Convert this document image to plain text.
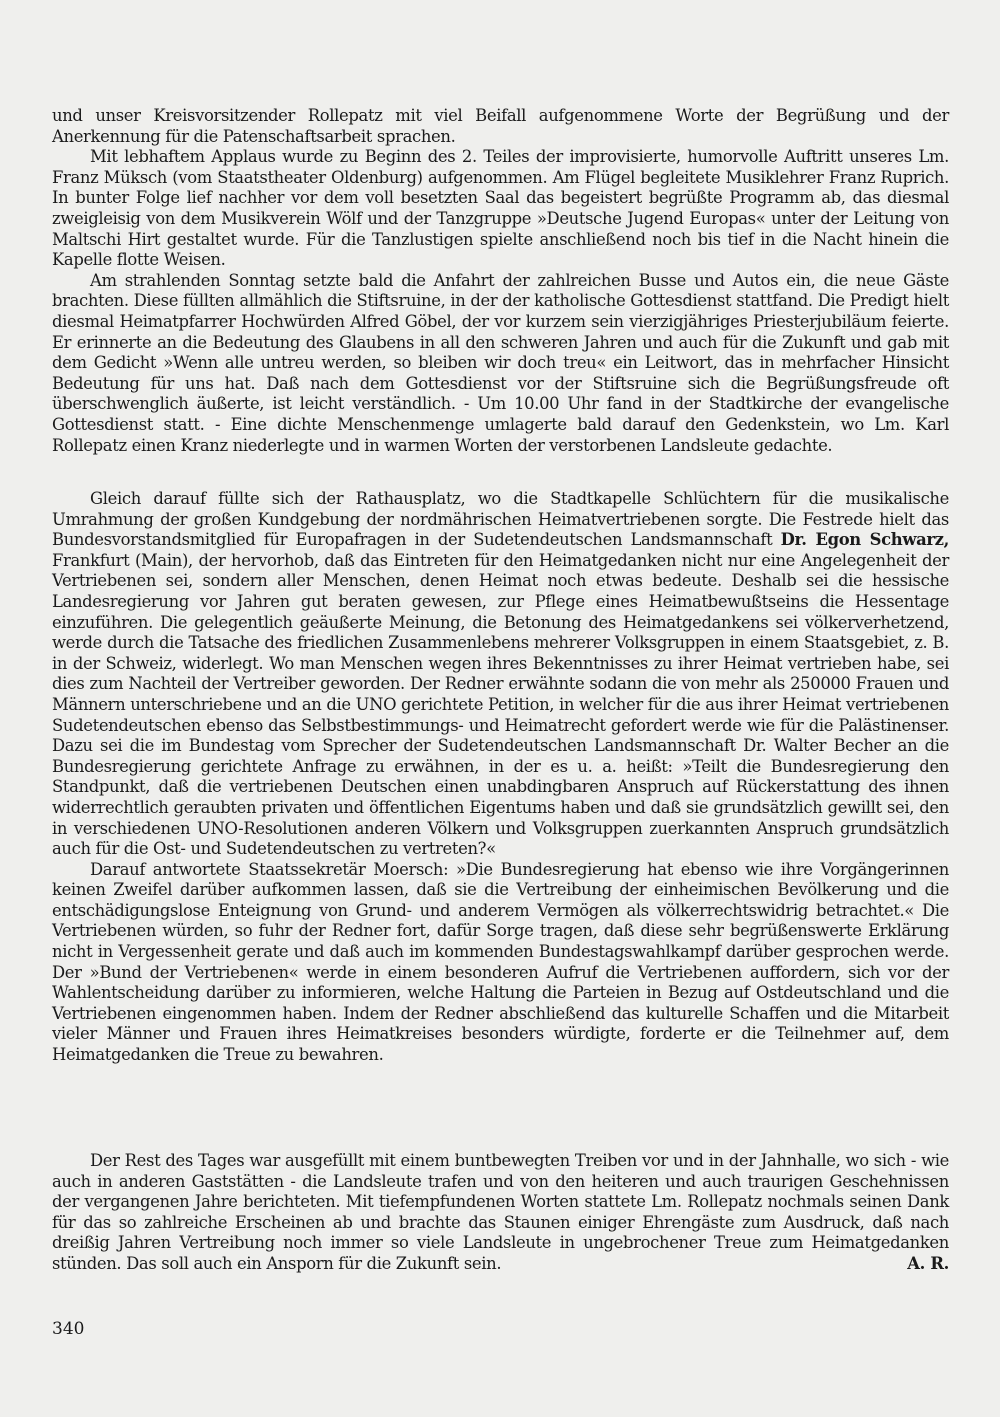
und unser Kreisvorsitzender Rollepatz mit viel Beifall aufgenommene Worte der Begrüßung und der Anerkennung für die Patenschaftsarbeit sprachen.

Mit lebhaftem Applaus wurde zu Beginn des 2. Teiles der improvisierte, humorvolle Auftritt unseres Lm. Franz Müksch (vom Staatstheater Oldenburg) aufgenommen. Am Flügel begleitete Musiklehrer Franz Ruprich. In bunter Folge lief nachher vor dem voll besetzten Saal das begeistert begrüßte Programm ab, das diesmal zweigleisig von dem Musikverein Wölf und der Tanzgruppe »Deutsche Jugend Europas« unter der Leitung von Maltschi Hirt gestaltet wurde. Für die Tanzlustigen spielte anschließend noch bis tief in die Nacht hinein die Kapelle flotte Weisen.

Am strahlenden Sonntag setzte bald die Anfahrt der zahlreichen Busse und Autos ein, die neue Gäste brachten. Diese füllten allmählich die Stiftsruine, in der der katholische Gottesdienst stattfand. Die Predigt hielt diesmal Heimatpfarrer Hochwürden Alfred Göbel, der vor kurzem sein vierzigjähriges Priesterjubiläum feierte. Er erinnerte an die Bedeutung des Glaubens in all den schweren Jahren und auch für die Zukunft und gab mit dem Gedicht »Wenn alle untreu werden, so bleiben wir doch treu« ein Leitwort, das in mehrfacher Hinsicht Bedeutung für uns hat. Daß nach dem Gottesdienst vor der Stiftsruine sich die Begrüßungsfreude oft überschwenglich äußerte, ist leicht verständlich. - Um 10.00 Uhr fand in der Stadtkirche der evangelische Gottesdienst statt. - Eine dichte Menschenmenge umlagerte bald darauf den Gedenkstein, wo Lm. Karl Rollepatz einen Kranz niederlegte und in warmen Worten der verstorbenen Landsleute gedachte.

Gleich darauf füllte sich der Rathausplatz, wo die Stadtkapelle Schlüchtern für die musikalische Umrahmung der großen Kundgebung der nordmährischen Heimatvertriebenen sorgte. Die Festrede hielt das Bundesvorstandsmitglied für Europafragen in der Sudetendeutschen Landsmannschaft Dr. Egon Schwarz, Frankfurt (Main), der hervorhob, daß das Eintreten für den Heimatgedanken nicht nur eine Angelegenheit der Vertriebenen sei, sondern aller Menschen, denen Heimat noch etwas bedeute. Deshalb sei die hessische Landesregierung vor Jahren gut beraten gewesen, zur Pflege eines Heimatbewußtseins die Hessentage einzuführen. Die gelegentlich geäußerte Meinung, die Betonung des Heimatgedankens sei völkerverhetzend, werde durch die Tatsache des friedlichen Zusammenlebens mehrerer Volksgruppen in einem Staatsgebiet, z. B. in der Schweiz, widerlegt. Wo man Menschen wegen ihres Bekenntnisses zu ihrer Heimat vertrieben habe, sei dies zum Nachteil der Vertreiber geworden. Der Redner erwähnte sodann die von mehr als 250000 Frauen und Männern unterschriebene und an die UNO gerichtete Petition, in welcher für die aus ihrer Heimat vertriebenen Sudetendeutschen ebenso das Selbstbestimmungs- und Heimatrecht gefordert werde wie für die Palästinenser. Dazu sei die im Bundestag vom Sprecher der Sudetendeutschen Landsmannschaft Dr. Walter Becher an die Bundesregierung gerichtete Anfrage zu erwähnen, in der es u. a. heißt: »Teilt die Bundesregierung den Standpunkt, daß die vertriebenen Deutschen einen unabdingbaren Anspruch auf Rückerstattung des ihnen widerrechtlich geraubten privaten und öffentlichen Eigentums haben und daß sie grundsätzlich gewillt sei, den in verschiedenen UNO-Resolutionen anderen Völkern und Volksgruppen zuerkannten Anspruch grundsätzlich auch für die Ost- und Sudetendeutschen zu vertreten?«

Darauf antwortete Staatssekretär Moersch: »Die Bundesregierung hat ebenso wie ihre Vorgängerinnen keinen Zweifel darüber aufkommen lassen, daß sie die Vertreibung der einheimischen Bevölkerung und die entschädigungslose Enteignung von Grund- und anderem Vermögen als völkerrechtswidrig betrachtet.« Die Vertriebenen würden, so fuhr der Redner fort, dafür Sorge tragen, daß diese sehr begrüßenswerte Erklärung nicht in Vergessenheit gerate und daß auch im kommenden Bundestagswahlkampf darüber gesprochen werde. Der »Bund der Vertriebenen« werde in einem besonderen Aufruf die Vertriebenen auffordern, sich vor der Wahlentscheidung darüber zu informieren, welche Haltung die Parteien in Bezug auf Ostdeutschland und die Vertriebenen eingenommen haben. Indem der Redner abschließend das kulturelle Schaffen und die Mitarbeit vieler Männer und Frauen ihres Heimatkreises besonders würdigte, forderte er die Teilnehmer auf, dem Heimatgedanken die Treue zu bewahren.

Der Rest des Tages war ausgefüllt mit einem buntbewegten Treiben vor und in der Jahnhalle, wo sich - wie auch in anderen Gaststätten - die Landsleute trafen und von den heiteren und auch traurigen Geschehnissen der vergangenen Jahre berichteten. Mit tiefempfundenen Worten stattete Lm. Rollepatz nochmals seinen Dank für das so zahlreiche Erscheinen ab und brachte das Staunen einiger Ehrengäste zum Ausdruck, daß nach dreißig Jahren Vertreibung noch immer so viele Landsleute in ungebrochener Treue zum Heimatgedanken stünden. Das soll auch ein Ansporn für die Zukunft sein.	A. R.

340
